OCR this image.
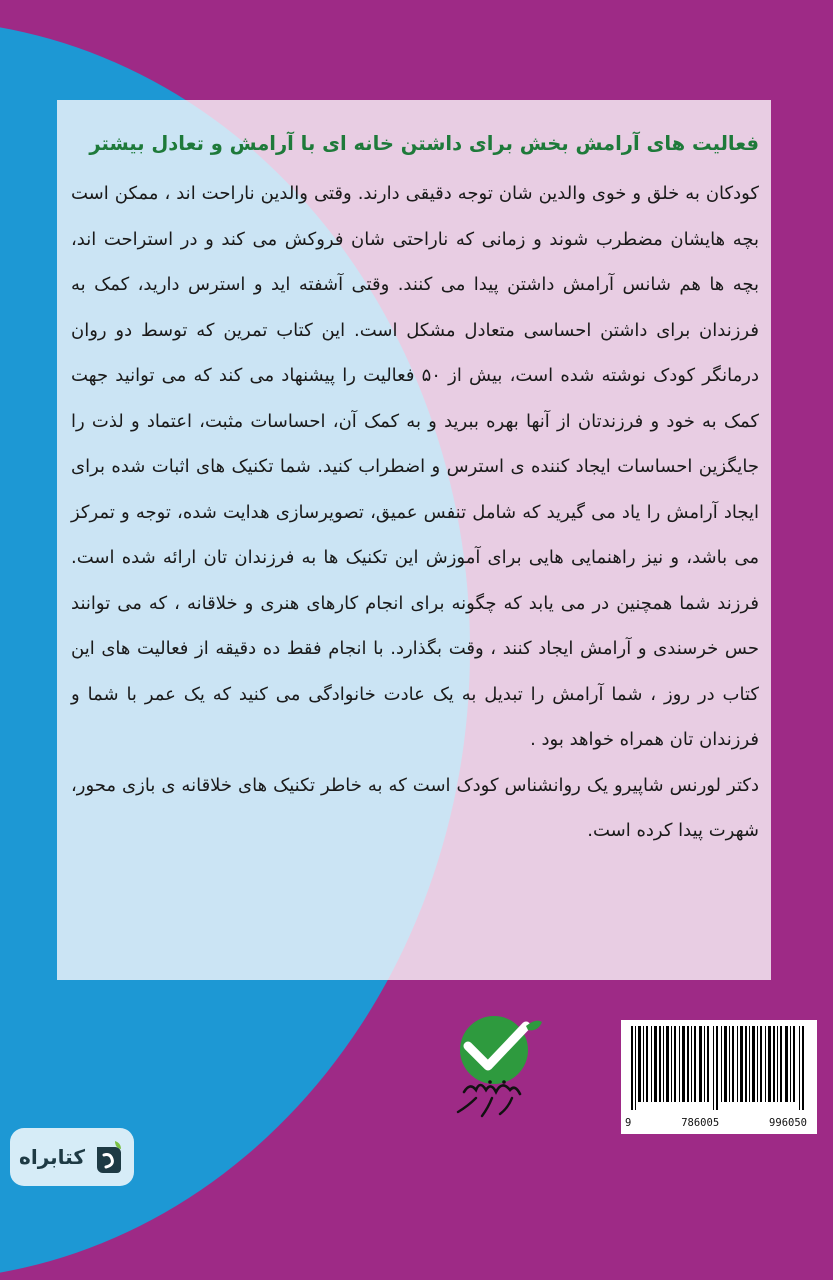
فعالیت های آرامش بخش برای داشتن خانه ای با آرامش و تعادل بیشتر

کودکان به خلق و خوی والدین شان توجه دقیقی دارند. وقتی والدین ناراحت اند ، ممکن است بچه هایشان مضطرب شوند و زمانی که ناراحتی شان فروکش می کند و در استراحت اند، بچه ها هم شانس آرامش داشتن پیدا می کنند. وقتی آشفته اید و استرس دارید، کمک به فرزندان برای داشتن احساسی متعادل مشکل است. این کتاب تمرین که توسط دو روان درمانگر کودک نوشته شده است، بیش از ۵۰ فعالیت را پیشنهاد می کند که می توانید جهت کمک به خود و فرزندتان از آنها بهره ببرید و به کمک آن، احساسات مثبت، اعتماد و لذت را جایگزین احساسات ایجاد کننده ی استرس و اضطراب کنید. شما تکنیک های اثبات شده برای ایجاد آرامش را یاد می گیرید که شامل تنفس عمیق، تصویرسازی هدایت شده، توجه و تمرکز می باشد، و نیز راهنمایی هایی برای آموزش این تکنیک ها به فرزندان تان ارائه شده است. فرزند شما همچنین در می یابد که چگونه برای انجام کارهای هنری و خلاقانه ، که می توانند حس خرسندی و آرامش ایجاد کنند ، وقت بگذارد. با انجام فقط ده دقیقه از فعالیت های این کتاب در روز ، شما آرامش را تبدیل به یک عادت خانوادگی می کنید که یک عمر با شما و فرزندان تان همراه خواهد بود .

دکتر لورنس شاپیرو یک روانشناس کودک است که به خاطر تکنیک های خلاقانه ی بازی محور، شهرت پیدا کرده است.

9	786005	996050
کتابراه
